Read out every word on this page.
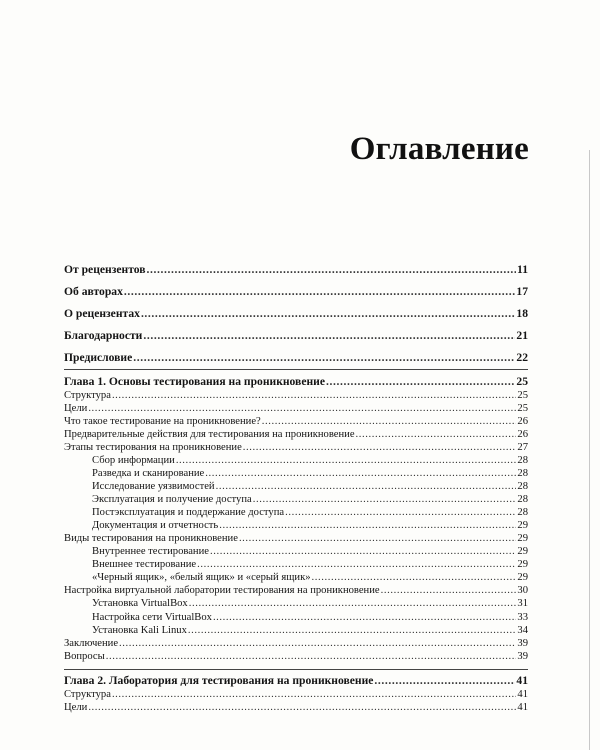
Оглавление
От рецензентов .....	11
Об авторах .....	17
О рецензентах .....	18
Благодарности .....	21
Предисловие .....	22
Глава 1. Основы тестирования на проникновение .....	25
Структура .....	25
Цели .....	25
Что такое тестирование на проникновение? .....	26
Предварительные действия для тестирования на проникновение .....	26
Этапы тестирования на проникновение .....	27
Сбор информации .....	28
Разведка и сканирование .....	28
Исследование уязвимостей .....	28
Эксплуатация и получение доступа .....	28
Постэксплуатация и поддержание доступа .....	28
Документация и отчетность .....	29
Виды тестирования на проникновение .....	29
Внутреннее тестирование .....	29
Внешнее тестирование .....	29
«Черный ящик», «белый ящик» и «серый ящик» .....	29
Настройка виртуальной лаборатории тестирования на проникновение .....	30
Установка VirtualBox .....	31
Настройка сети VirtualBox .....	33
Установка Kali Linux .....	34
Заключение .....	39
Вопросы .....	39
Глава 2. Лаборатория для тестирования на проникновение .....	41
Структура .....	41
Цели .....	41
